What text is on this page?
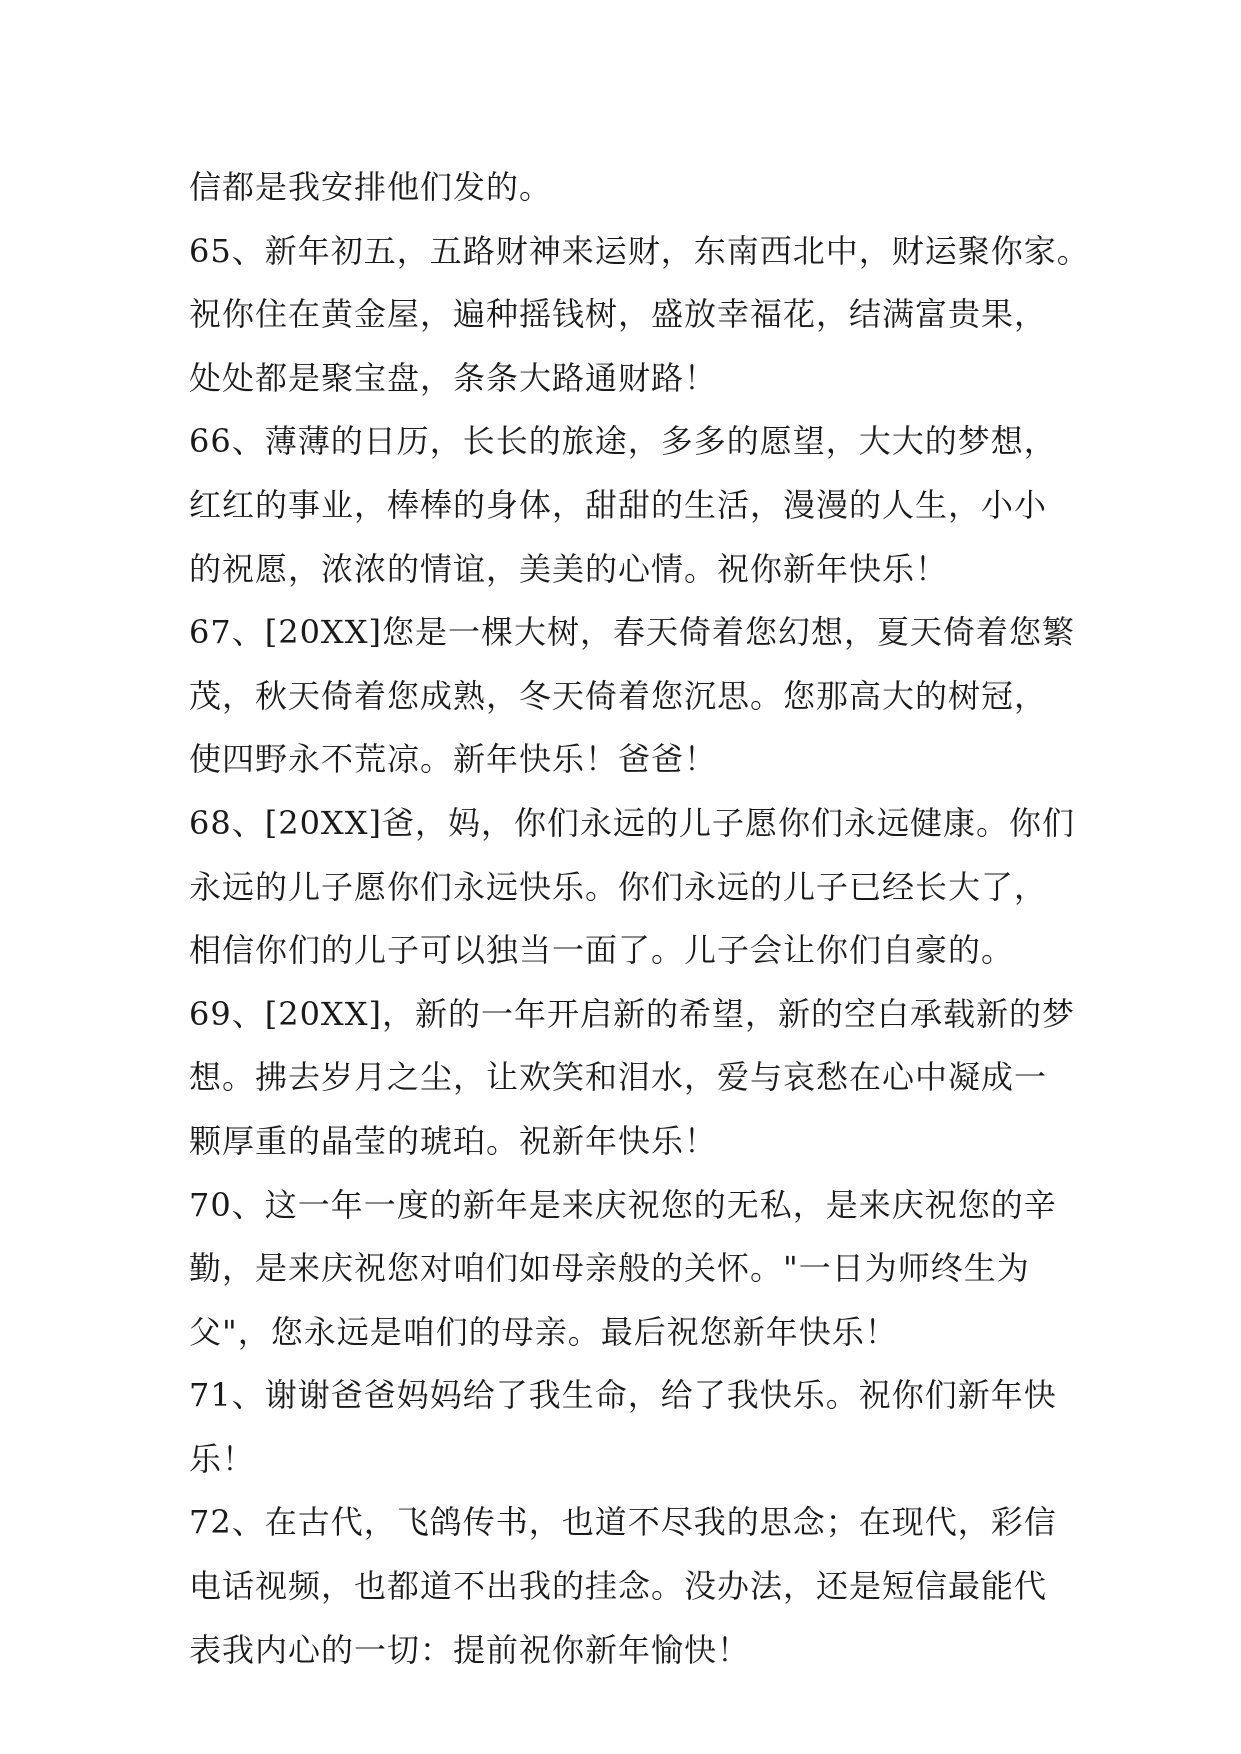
信都是我安排他们发的。
65、新年初五，五路财神来运财，东南西北中，财运聚你家。
祝你住在黄金屋，遍种摇钱树，盛放幸福花，结满富贵果，
处处都是聚宝盘，条条大路通财路！
66、薄薄的日历，长长的旅途，多多的愿望，大大的梦想，
红红的事业，棒棒的身体，甜甜的生活，漫漫的人生，小小
的祝愿，浓浓的情谊，美美的心情。祝你新年快乐！
67、[20XX]您是一棵大树，春天倚着您幻想，夏天倚着您繁
茂，秋天倚着您成熟，冬天倚着您沉思。您那高大的树冠，
使四野永不荒凉。新年快乐！爸爸！
68、[20XX]爸，妈，你们永远的儿子愿你们永远健康。你们
永远的儿子愿你们永远快乐。你们永远的儿子已经长大了，
相信你们的儿子可以独当一面了。儿子会让你们自豪的。
69、[20XX]，新的一年开启新的希望，新的空白承载新的梦
想。拂去岁月之尘，让欢笑和泪水，爱与哀愁在心中凝成一
颗厚重的晶莹的琥珀。祝新年快乐！
70、这一年一度的新年是来庆祝您的无私，是来庆祝您的辛
勤，是来庆祝您对咱们如母亲般的关怀。"一日为师终生为
父"，您永远是咱们的母亲。最后祝您新年快乐！
71、谢谢爸爸妈妈给了我生命，给了我快乐。祝你们新年快
乐！
72、在古代，飞鸽传书，也道不尽我的思念；在现代，彩信
电话视频，也都道不出我的挂念。没办法，还是短信最能代
表我内心的一切：提前祝你新年愉快！
